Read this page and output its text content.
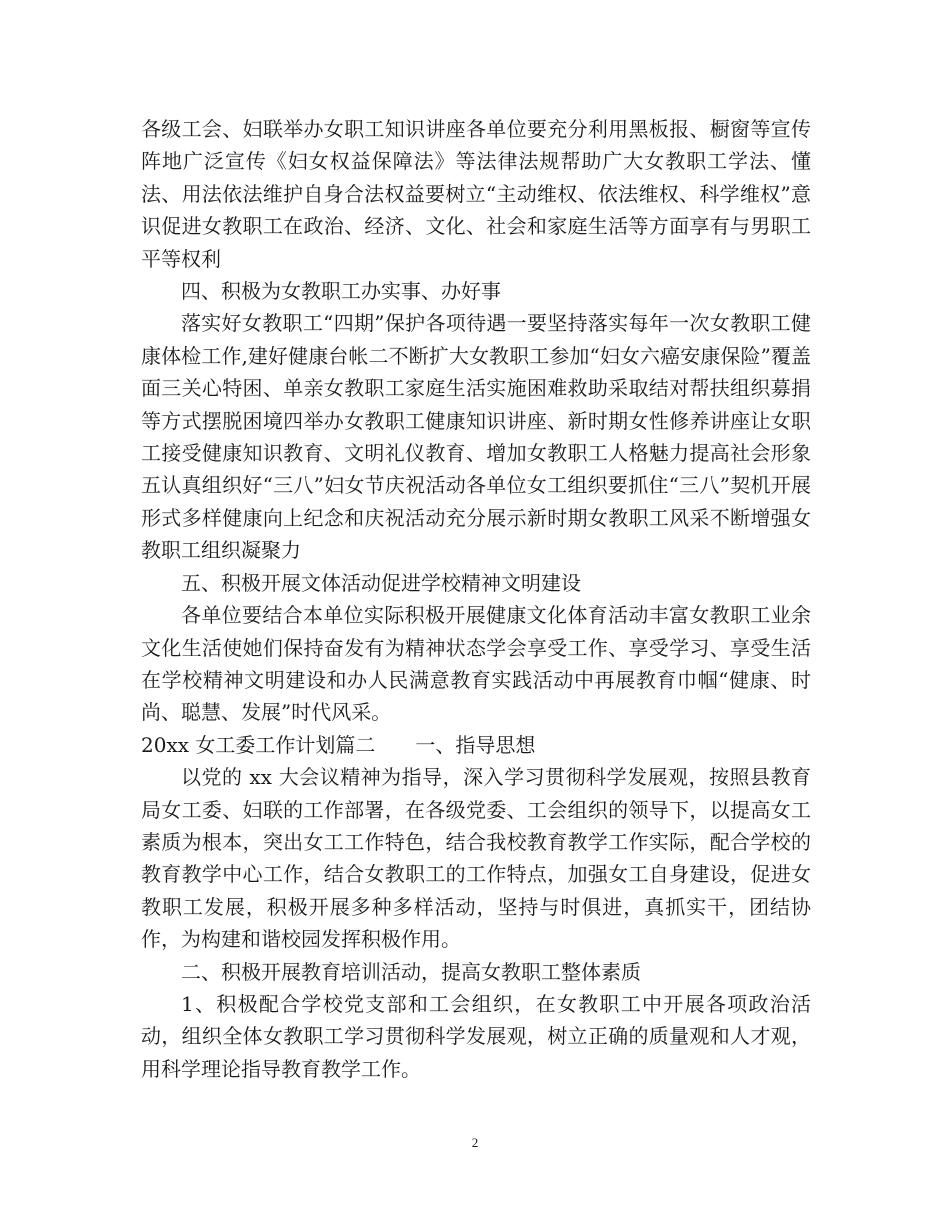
各级工会、妇联举办女职工知识讲座各单位要充分利用黑板报、橱窗等宣传阵地广泛宣传《妇女权益保障法》等法律法规帮助广大女教职工学法、懂法、用法依法维护自身合法权益要树立“主动维权、依法维权、科学维权”意识促进女教职工在政治、经济、文化、社会和家庭生活等方面享有与男职工平等权利

四、积极为女教职工办实事、办好事

落实好女教职工“四期”保护各项待遇一要坚持落实每年一次女教职工健康体检工作,建好健康台帐二不断扩大女教职工参加“妇女六癌安康保险”覆盖面三关心特困、单亲女教职工家庭生活实施困难救助采取结对帮扶组织募捐等方式摆脱困境四举办女教职工健康知识讲座、新时期女性修养讲座让女职工接受健康知识教育、文明礼仪教育、增加女教职工人格魅力提高社会形象五认真组织好“三八”妇女节庆祝活动各单位女工组织要抓住“三八”契机开展形式多样健康向上纪念和庆祝活动充分展示新时期女教职工风采不断增强女教职工组织凝聚力

五、积极开展文体活动促进学校精神文明建设

各单位要结合本单位实际积极开展健康文化体育活动丰富女教职工业余文化生活使她们保持奋发有为精神状态学会享受工作、享受学习、享受生活在学校精神文明建设和办人民满意教育实践活动中再展教育巾帼“健康、时尚、聪慧、发展”时代风采。

20xx 女工委工作计划篇二　　一、指导思想

以党的 xx 大会议精神为指导，深入学习贯彻科学发展观，按照县教育局女工委、妇联的工作部署，在各级党委、工会组织的领导下，以提高女工素质为根本，突出女工工作特色，结合我校教育教学工作实际，配合学校的教育教学中心工作，结合女教职工的工作特点，加强女工自身建设，促进女教职工发展，积极开展多种多样活动，坚持与时俱进，真抓实干，团结协作，为构建和谐校园发挥积极作用。

二、积极开展教育培训活动，提高女教职工整体素质

1、积极配合学校党支部和工会组织，在女教职工中开展各项政治活动，组织全体女教职工学习贯彻科学发展观，树立正确的质量观和人才观，用科学理论指导教育教学工作。

2
